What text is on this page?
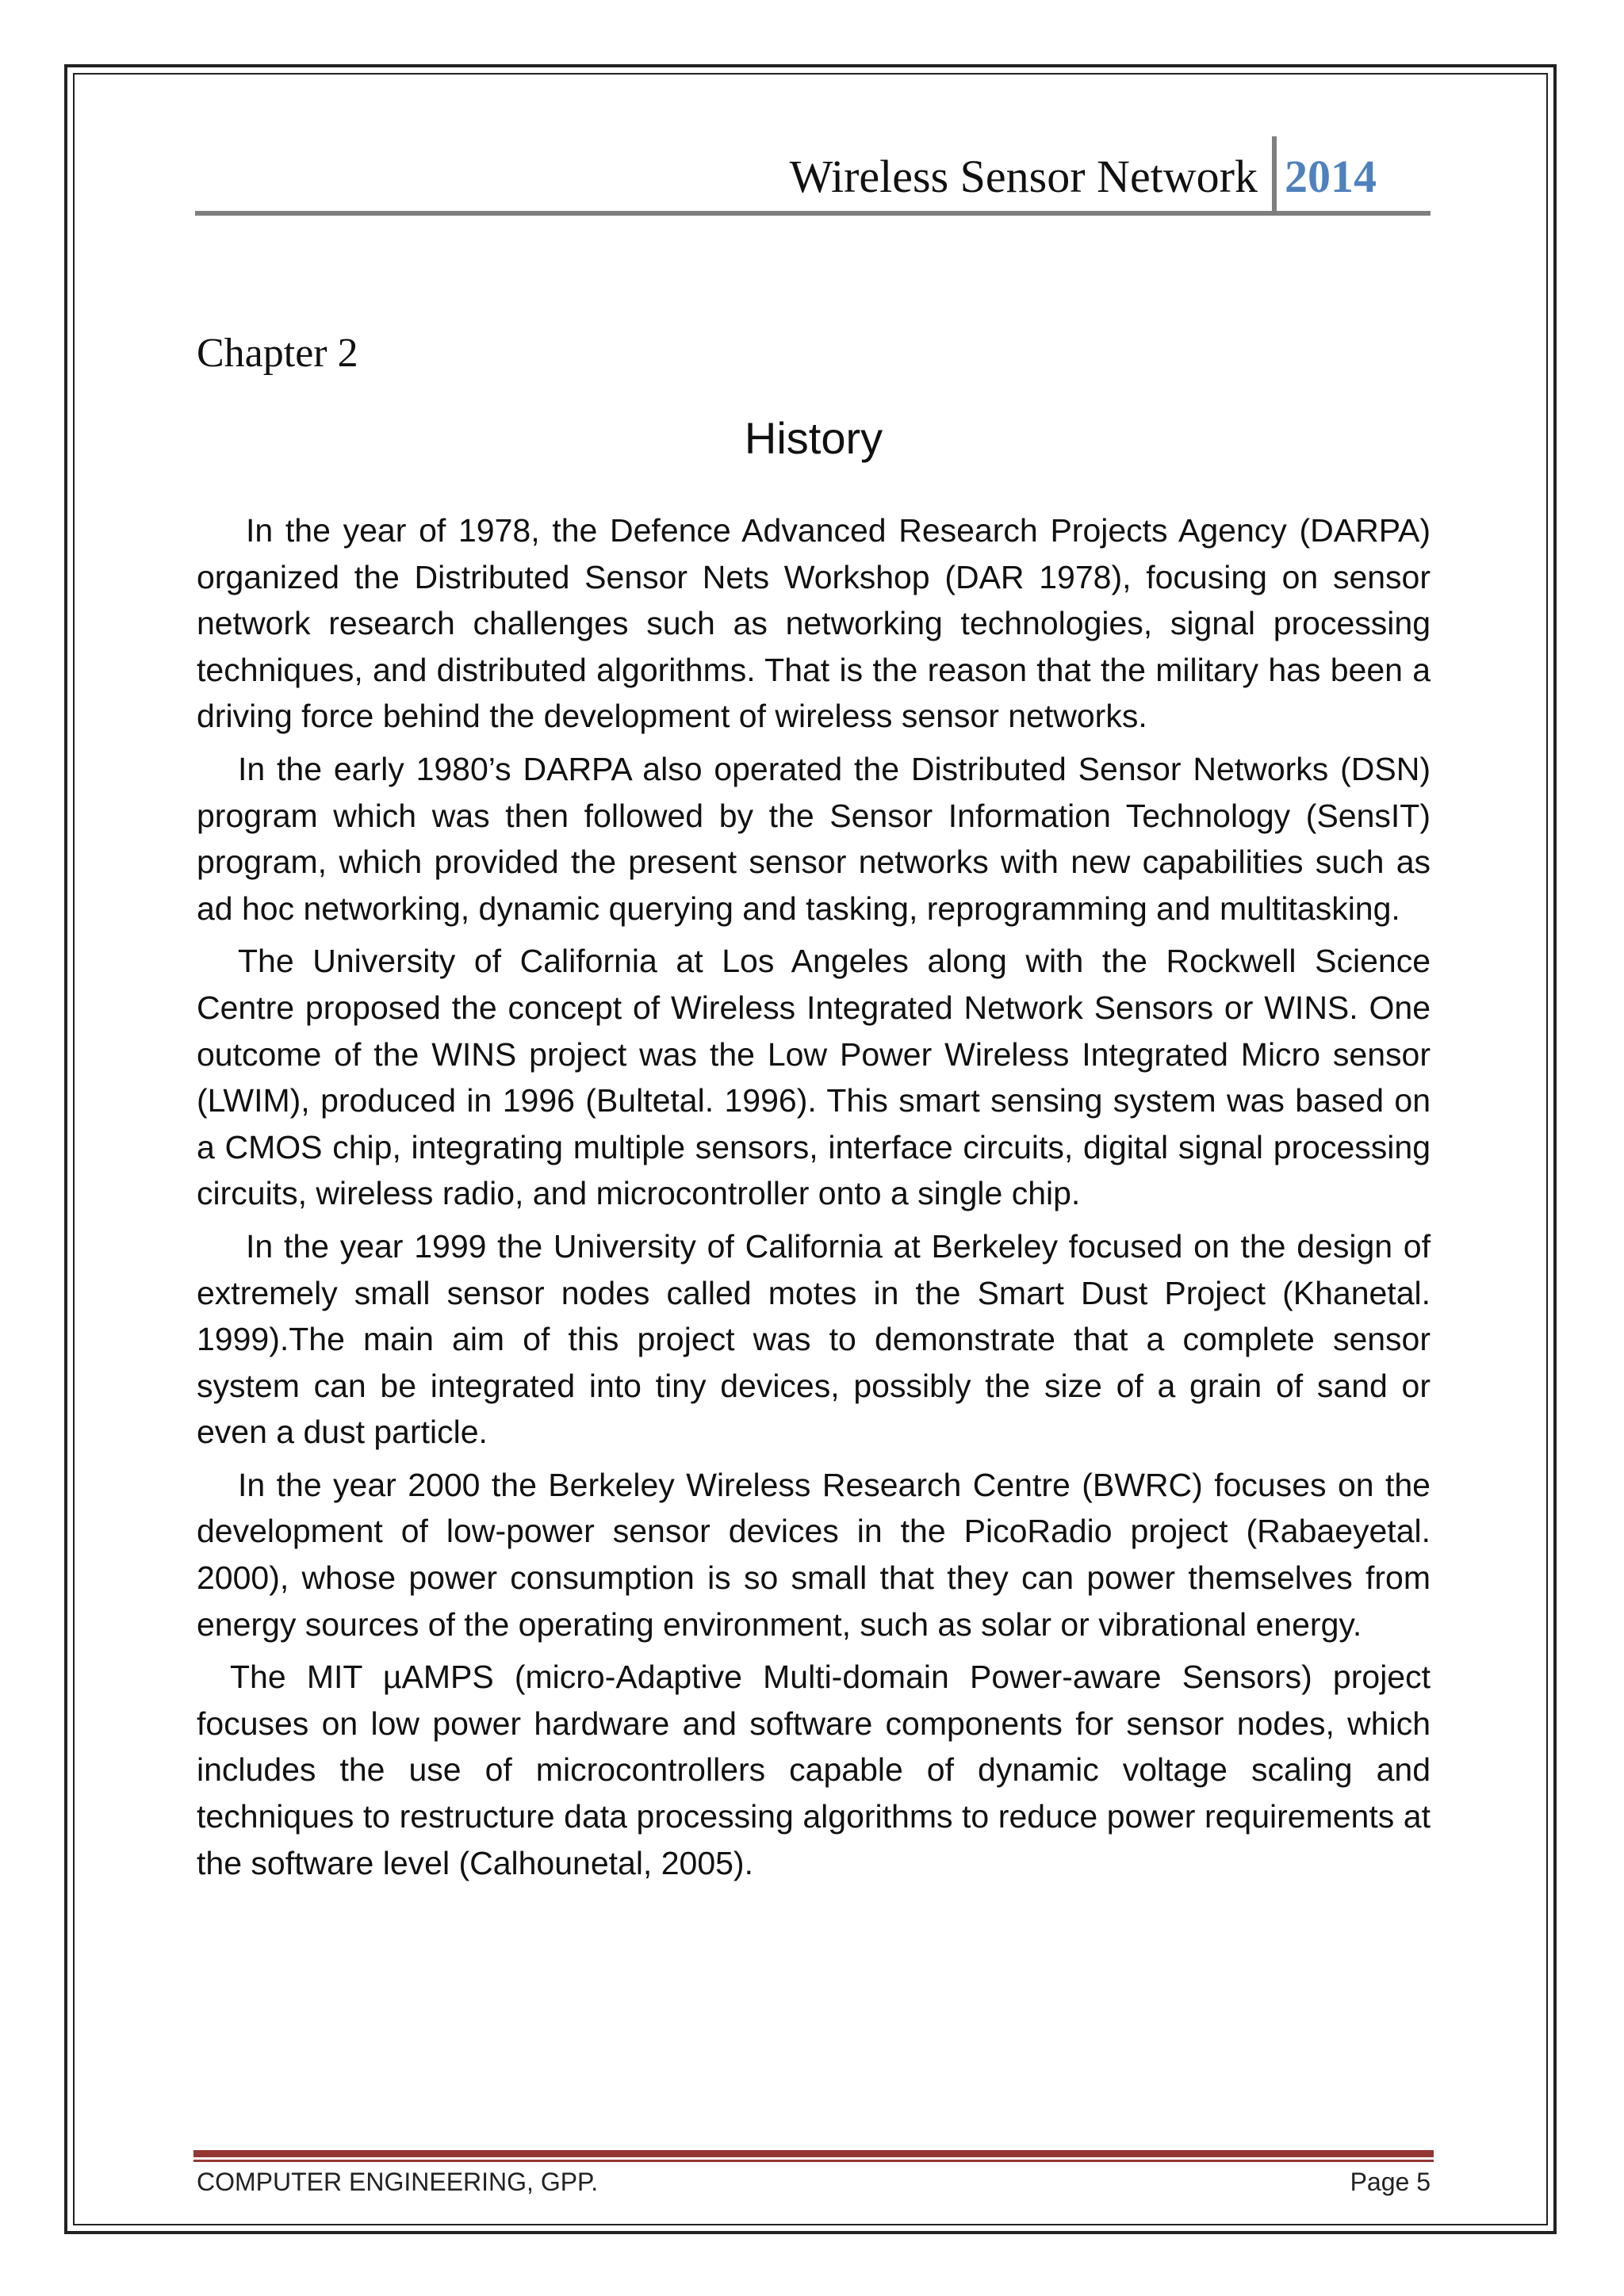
Wireless Sensor Network 2014
Chapter 2
History

In the year of 1978, the Defence Advanced Research Projects Agency (DARPA) organized the Distributed Sensor Nets Workshop (DAR 1978), focusing on sensor network research challenges such as networking technologies, signal processing techniques, and distributed algorithms. That is the reason that the military has been a driving force behind the development of wireless sensor networks.

In the early 1980’s DARPA also operated the Distributed Sensor Networks (DSN) program which was then followed by the Sensor Information Technology (SensIT) program, which provided the present sensor networks with new capabilities such as ad hoc networking, dynamic querying and tasking, reprogramming and multitasking.

The University of California at Los Angeles along with the Rockwell Science Centre proposed the concept of Wireless Integrated Network Sensors or WINS. One outcome of the WINS project was the Low Power Wireless Integrated Micro sensor (LWIM), produced in 1996 (Bultetal. 1996). This smart sensing system was based on a CMOS chip, integrating multiple sensors, interface circuits, digital signal processing circuits, wireless radio, and microcontroller onto a single chip.

In the year 1999 the University of California at Berkeley focused on the design of extremely small sensor nodes called motes in the Smart Dust Project (Khanetal. 1999).The main aim of this project was to demonstrate that a complete sensor system can be integrated into tiny devices, possibly the size of a grain of sand or even a dust particle.

In the year 2000 the Berkeley Wireless Research Centre (BWRC) focuses on the development of low-power sensor devices in the PicoRadio project (Rabaeyetal. 2000), whose power consumption is so small that they can power themselves from energy sources of the operating environment, such as solar or vibrational energy.

The MIT µAMPS (micro-Adaptive Multi-domain Power-aware Sensors) project focuses on low power hardware and software components for sensor nodes, which includes the use of microcontrollers capable of dynamic voltage scaling and techniques to restructure data processing algorithms to reduce power requirements at the software level (Calhounetal, 2005).

COMPUTER ENGINEERING, GPP.	Page 5
